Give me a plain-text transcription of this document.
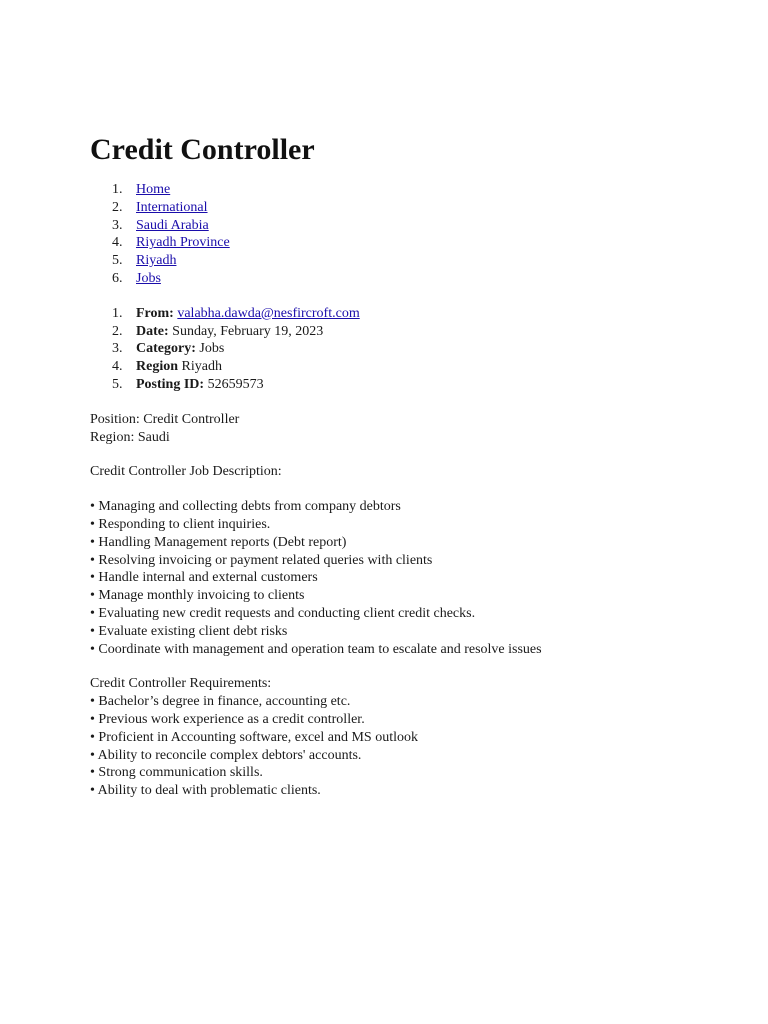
Credit Controller
1. Home
2. International
3. Saudi Arabia
4. Riyadh Province
5. Riyadh
6. Jobs
1. From: valabha.dawda@nesfircroft.com
2. Date: Sunday, February 19, 2023
3. Category: Jobs
4. Region Riyadh
5. Posting ID: 52659573
Position: Credit Controller
Region: Saudi
Credit Controller Job Description:
• Managing and collecting debts from company debtors
• Responding to client inquiries.
• Handling Management reports (Debt report)
• Resolving invoicing or payment related queries with clients
• Handle internal and external customers
• Manage monthly invoicing to clients
• Evaluating new credit requests and conducting client credit checks.
• Evaluate existing client debt risks
• Coordinate with management and operation team to escalate and resolve issues
Credit Controller Requirements:
• Bachelor’s degree in finance, accounting etc.
• Previous work experience as a credit controller.
• Proficient in Accounting software, excel and MS outlook
• Ability to reconcile complex debtors' accounts.
• Strong communication skills.
• Ability to deal with problematic clients.
